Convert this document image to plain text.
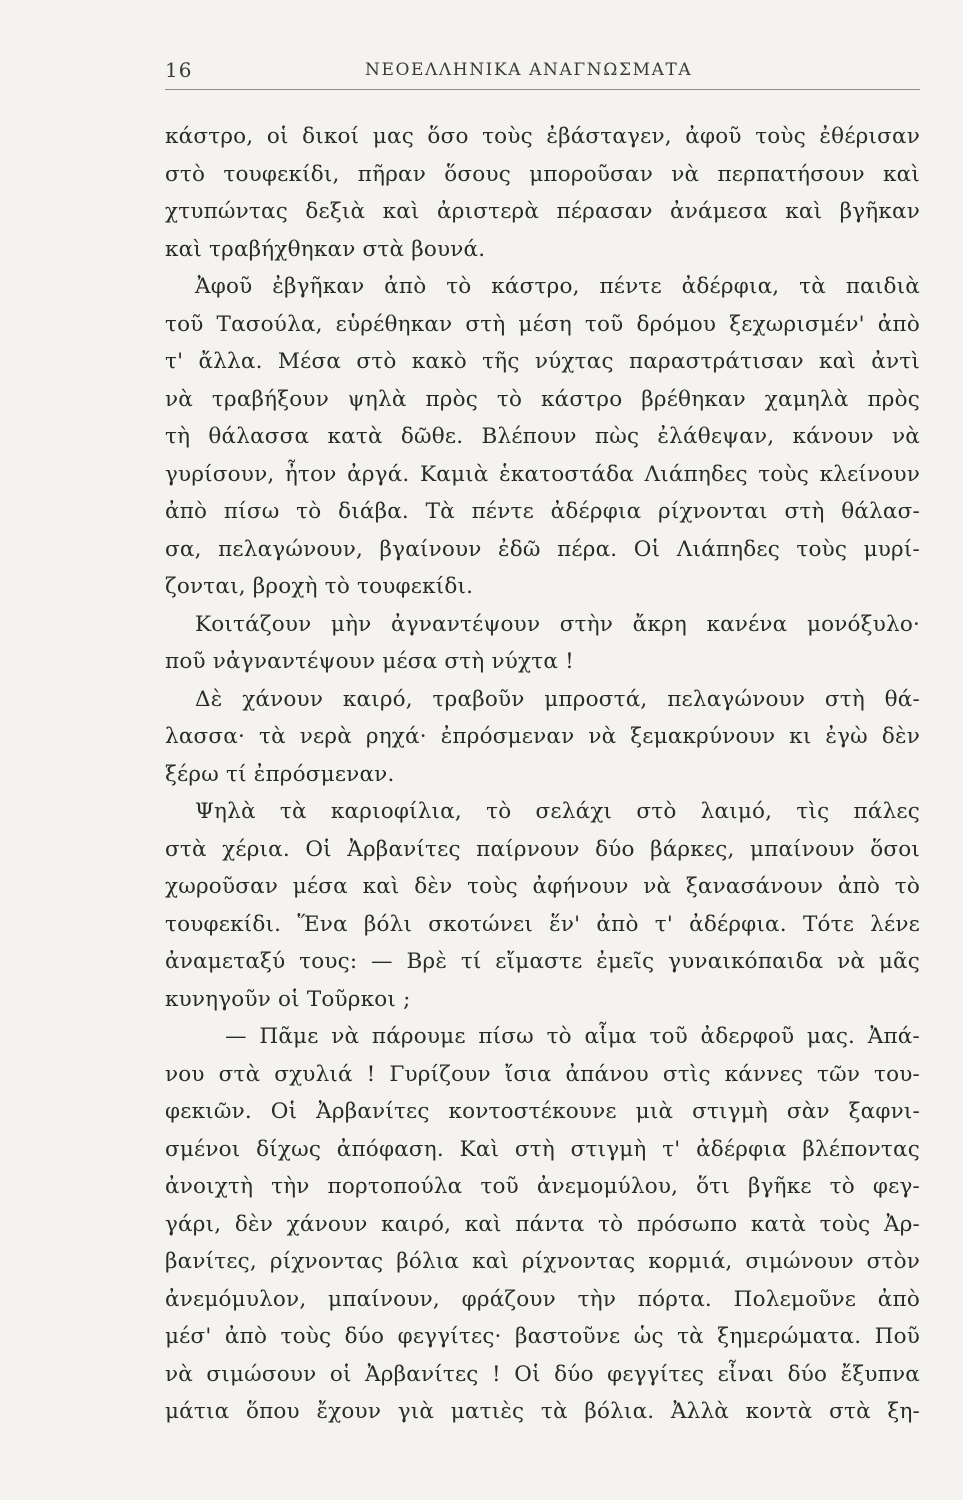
16	ΝΕΟΕΛΛΗΝΙΚΑ ΑΝΑΓΝΩΣΜΑΤΑ
κάστρο, οἱ δικοί μας ὅσο τοὺς ἐβάσταγεν, ἀφοῦ τοὺς ἐθέρισαν
στὸ τουφεκίδι, πῆραν ὅσους μποροῦσαν νὰ περπατήσουν καὶ
χτυπώντας δεξιὰ καὶ ἀριστερὰ πέρασαν ἀνάμεσα καὶ βγῆκαν
καὶ τραβήχθηκαν στὰ βουνά.
Ἀφοῦ ἐβγῆκαν ἀπὸ τὸ κάστρο, πέντε ἀδέρφια, τὰ παιδιὰ
τοῦ Τασούλα, εὑρέθηκαν στὴ μέση τοῦ δρόμου ξεχωρισμέν' ἀπὸ
τ' ἄλλα. Μέσα στὸ κακὸ τῆς νύχτας παραστράτισαν καὶ ἀντὶ
νὰ τραβήξουν ψηλὰ πρὸς τὸ κάστρο βρέθηκαν χαμηλὰ πρὸς
τὴ θάλασσα κατὰ δῶθε. Βλέπουν πὼς ἐλάθεψαν, κάνουν νὰ
γυρίσουν, ἦτον ἀργά. Καμιὰ ἑκατοστάδα Λιάπηδες τοὺς κλείνουν
ἀπὸ πίσω τὸ διάβα. Τὰ πέντε ἀδέρφια ρίχνονται στὴ θάλασ-
σα, πελαγώνουν, βγαίνουν ἐδῶ πέρα. Οἱ Λιάπηδες τοὺς μυρί-
ζονται, βροχὴ τὸ τουφεκίδι.
Κοιτάζουν μὴν ἀγναντέψουν στὴν ἄκρη κανένα μονόξυλο·
ποῦ νἀγναντέψουν μέσα στὴ νύχτα !
Δὲ χάνουν καιρό, τραβοῦν μπροστά, πελαγώνουν στὴ θά-
λασσα· τὰ νερὰ ρηχά· ἐπρόσμεναν νὰ ξεμακρύνουν κι ἐγὼ δὲν
ξέρω τί ἐπρόσμεναν.
Ψηλὰ τὰ καριοφίλια, τὸ σελάχι στὸ λαιμό, τὶς πάλες
στὰ χέρια. Οἱ Ἀρβανίτες παίρνουν δύο βάρκες, μπαίνουν ὅσοι
χωροῦσαν μέσα καὶ δὲν τοὺς ἀφήνουν νὰ ξανασάνουν ἀπὸ τὸ
τουφεκίδι. Ἕνα βόλι σκοτώνει ἕν' ἀπὸ τ' ἀδέρφια. Τότε λένε
ἀναμεταξύ τους: — Βρὲ τί εἴμαστε ἐμεῖς γυναικόπαιδα νὰ μᾶς
κυνηγοῦν οἱ Τοῦρκοι ;
— Πᾶμε νὰ πάρουμε πίσω τὸ αἷμα τοῦ ἀδερφοῦ μας. Ἀπά-
νου στὰ σχυλιά ! Γυρίζουν ἴσια ἀπάνου στὶς κάννες τῶν του-
φεκιῶν. Οἱ Ἀρβανίτες κοντοστέκουνε μιὰ στιγμὴ σὰν ξαφνι-
σμένοι δίχως ἀπόφαση. Καὶ στὴ στιγμὴ τ' ἀδέρφια βλέποντας
ἀνοιχτὴ τὴν πορτοπούλα τοῦ ἀνεμομύλου, ὅτι βγῆκε τὸ φεγ-
γάρι, δὲν χάνουν καιρό, καὶ πάντα τὸ πρόσωπο κατὰ τοὺς Ἀρ-
βανίτες, ρίχνοντας βόλια καὶ ρίχνοντας κορμιά, σιμώνουν στὸν
ἀνεμόμυλον, μπαίνουν, φράζουν τὴν πόρτα. Πολεμοῦνε ἀπὸ
μέσ' ἀπὸ τοὺς δύο φεγγίτες· βαστοῦνε ὡς τὰ ξημερώματα. Ποῦ
νὰ σιμώσουν οἱ Ἀρβανίτες ! Οἱ δύο φεγγίτες εἶναι δύο ἔξυπνα
μάτια ὅπου ἔχουν γιὰ ματιὲς τὰ βόλια. Ἀλλὰ κοντὰ στὰ ξη-
